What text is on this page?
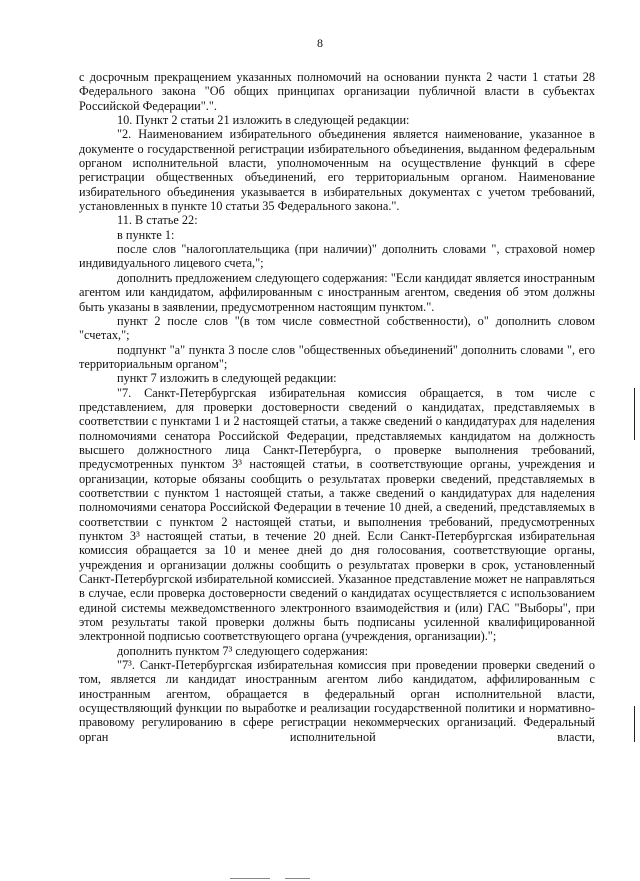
8

с досрочным прекращением указанных полномочий на основании пункта 2 части 1 статьи 28 Федерального закона "Об общих принципах организации публичной власти в субъектах Российской Федерации".".

10. Пункт 2 статьи 21 изложить в следующей редакции:

"2. Наименованием избирательного объединения является наименование, указанное в документе о государственной регистрации избирательного объединения, выданном федеральным органом исполнительной власти, уполномоченным на осуществление функций в сфере регистрации общественных объединений, его территориальным органом. Наименование избирательного объединения указывается в избирательных документах с учетом требований, установленных в пункте 10 статьи 35 Федерального закона.".

11. В статье 22:

в пункте 1:

после слов "налогоплательщика (при наличии)" дополнить словами ", страховой номер индивидуального лицевого счета,";

дополнить предложением следующего содержания: "Если кандидат является иностранным агентом или кандидатом, аффилированным с иностранным агентом, сведения об этом должны быть указаны в заявлении, предусмотренном настоящим пунктом.".

пункт 2 после слов "(в том числе совместной собственности), о" дополнить словом "счетах,";

подпункт "а" пункта 3 после слов "общественных объединений" дополнить словами ", его территориальным органом";

пункт 7 изложить в следующей редакции:

"7. Санкт-Петербургская избирательная комиссия обращается, в том числе с представлением, для проверки достоверности сведений о кандидатах, представляемых в соответствии с пунктами 1 и 2 настоящей статьи, а также сведений о кандидатурах для наделения полномочиями сенатора Российской Федерации, представляемых кандидатом на должность высшего должностного лица Санкт-Петербурга, о проверке выполнения требований, предусмотренных пунктом 3³ настоящей статьи, в соответствующие органы, учреждения и организации, которые обязаны сообщить о результатах проверки сведений, представляемых в соответствии с пунктом 1 настоящей статьи, а также сведений о кандидатурах для наделения полномочиями сенатора Российской Федерации в течение 10 дней, а сведений, представляемых в соответствии с пунктом 2 настоящей статьи, и выполнения требований, предусмотренных пунктом 3³ настоящей статьи, в течение 20 дней. Если Санкт-Петербургская избирательная комиссия обращается за 10 и менее дней до дня голосования, соответствующие органы, учреждения и организации должны сообщить о результатах проверки в срок, установленный Санкт-Петербургской избирательной комиссией. Указанное представление может не направляться в случае, если проверка достоверности сведений о кандидатах осуществляется с использованием единой системы межведомственного электронного взаимодействия и (или) ГАС "Выборы", при этом результаты такой проверки должны быть подписаны усиленной квалифицированной электронной подписью соответствующего органа (учреждения, организации).";

дополнить пунктом 7³ следующего содержания:

"7³. Санкт-Петербургская избирательная комиссия при проведении проверки сведений о том, является ли кандидат иностранным агентом либо кандидатом, аффилированным с иностранным агентом, обращается в федеральный орган исполнительной власти, осуществляющий функции по выработке и реализации государственной политики и нормативно-правовому регулированию в сфере регистрации некоммерческих организаций. Федеральный орган исполнительной власти,
